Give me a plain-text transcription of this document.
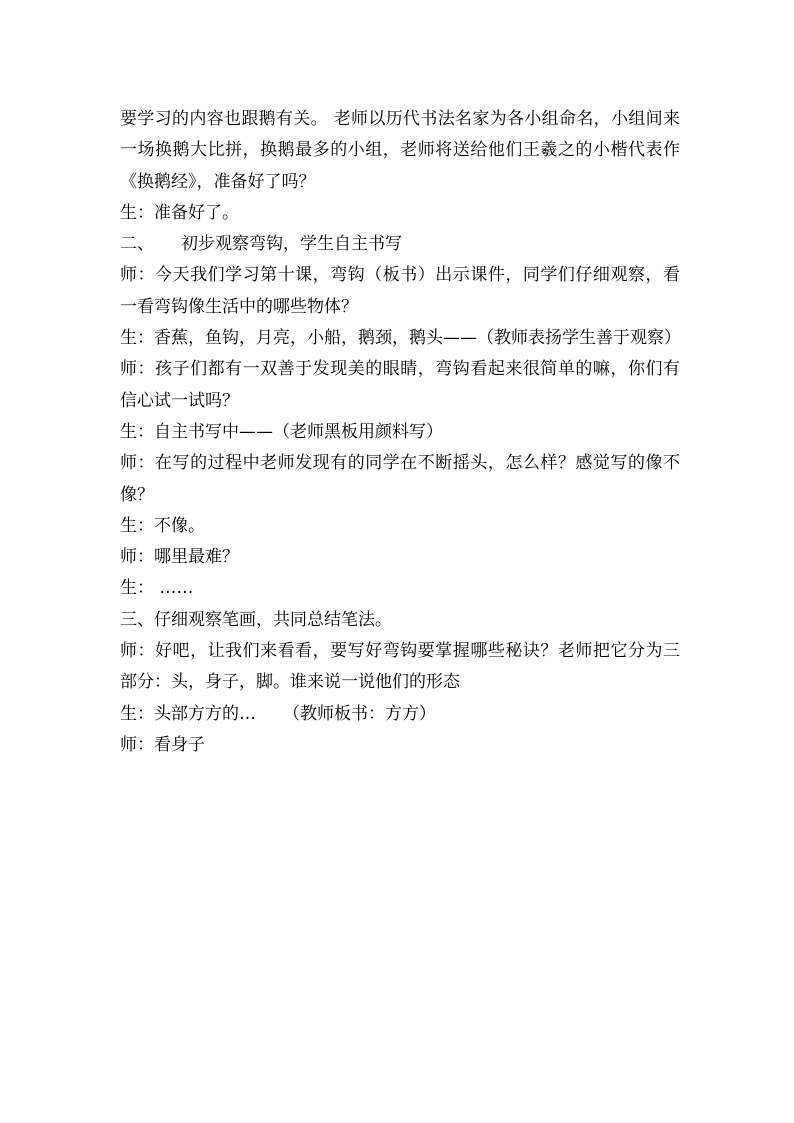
要学习的内容也跟鹅有关。 老师以历代书法名家为各小组命名，小组间来一场换鹅大比拼，换鹅最多的小组，老师将送给他们王羲之的小楷代表作《换鹅经》，准备好了吗？

生：准备好了。

二、     初步观察弯钩，学生自主书写

师：今天我们学习第十课，弯钩（板书）出示课件，同学们仔细观察，看一看弯钩像生活中的哪些物体？

生：香蕉，鱼钩，月亮，小船，鹅颈，鹅头——（教师表扬学生善于观察）

师：孩子们都有一双善于发现美的眼睛，弯钩看起来很简单的嘛，你们有信心试一试吗？

生：自主书写中——（老师黑板用颜料写）

师：在写的过程中老师发现有的同学在不断摇头，怎么样？感觉写的像不像？

生：不像。

师：哪里最难？

生： ……

三、仔细观察笔画，共同总结笔法。

师：好吧，让我们来看看，要写好弯钩要掌握哪些秘诀？老师把它分为三部分：头，身子，脚。谁来说一说他们的形态

生：头部方方的…     （教师板书：方方）

师：看身子
